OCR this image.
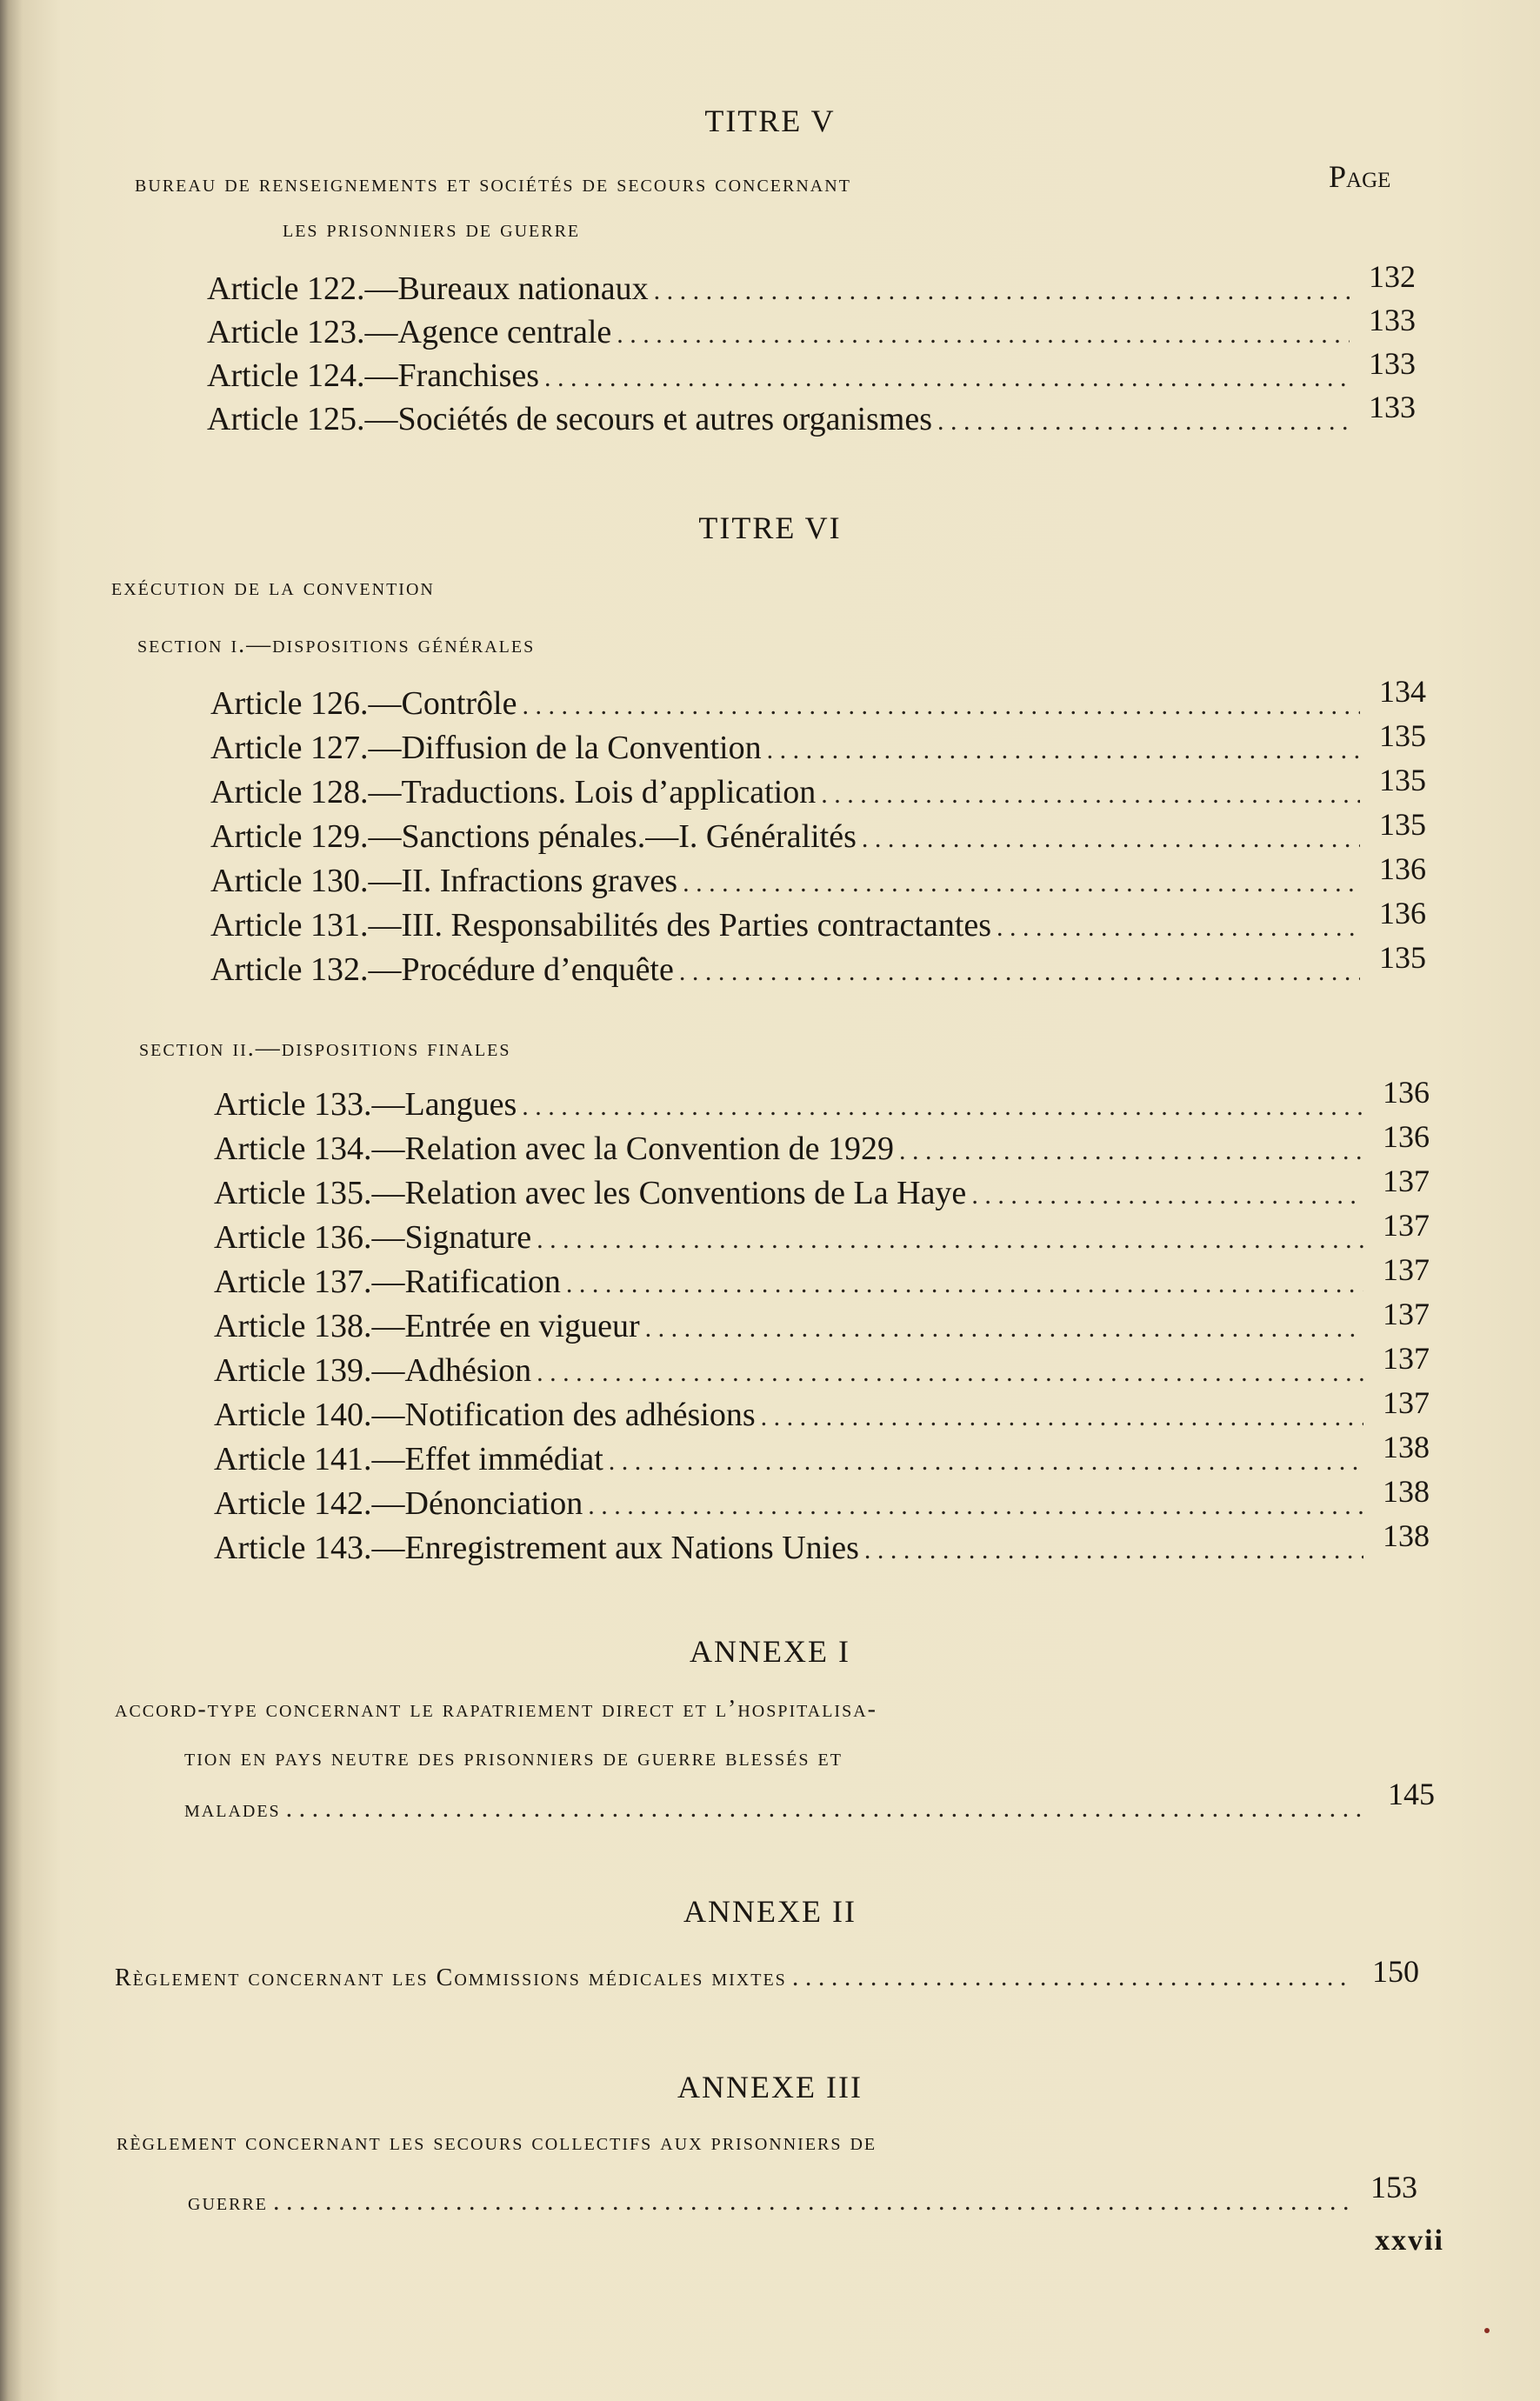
TITRE V
bureau de renseignements et sociétés de secours concernant	Page
les prisonniers de guerre
Article 122.—Bureaux nationaux . . .	132
Article 123.—Agence centrale . . .	133
Article 124.—Franchises . . .	133
Article 125.—Sociétés de secours et autres organismes . . .	133
TITRE VI
exécution de la convention
section i.—dispositions générales
Article 126.—Contrôle . . .	134
Article 127.—Diffusion de la Convention . . .	135
Article 128.—Traductions. Lois d’application . . .	135
Article 129.—Sanctions pénales.—I. Généralités . . .	135
Article 130.—II. Infractions graves . . .	136
Article 131.—III. Responsabilités des Parties contractantes . . .	136
Article 132.—Procédure d’enquête . . .	135
section ii.—dispositions finales
Article 133.—Langues . . .	136
Article 134.—Relation avec la Convention de 1929 . . .	136
Article 135.—Relation avec les Conventions de La Haye . . .	137
Article 136.—Signature . . .	137
Article 137.—Ratification . . .	137
Article 138.—Entrée en vigueur . . .	137
Article 139.—Adhésion . . .	137
Article 140.—Notification des adhésions . . .	137
Article 141.—Effet immédiat . . .	138
Article 142.—Dénonciation . . .	138
Article 143.—Enregistrement aux Nations Unies . . .	138
ANNEXE I
accord-type concernant le rapatriement direct et l’hospitalisa-
tion en pays neutre des prisonniers de guerre blessés et
malades . . .	145
ANNEXE II
Règlement concernant les Commissions médicales mixtes . . .	150
ANNEXE III
règlement concernant les secours collectifs aux prisonniers de
guerre . . .	153
xxvii
